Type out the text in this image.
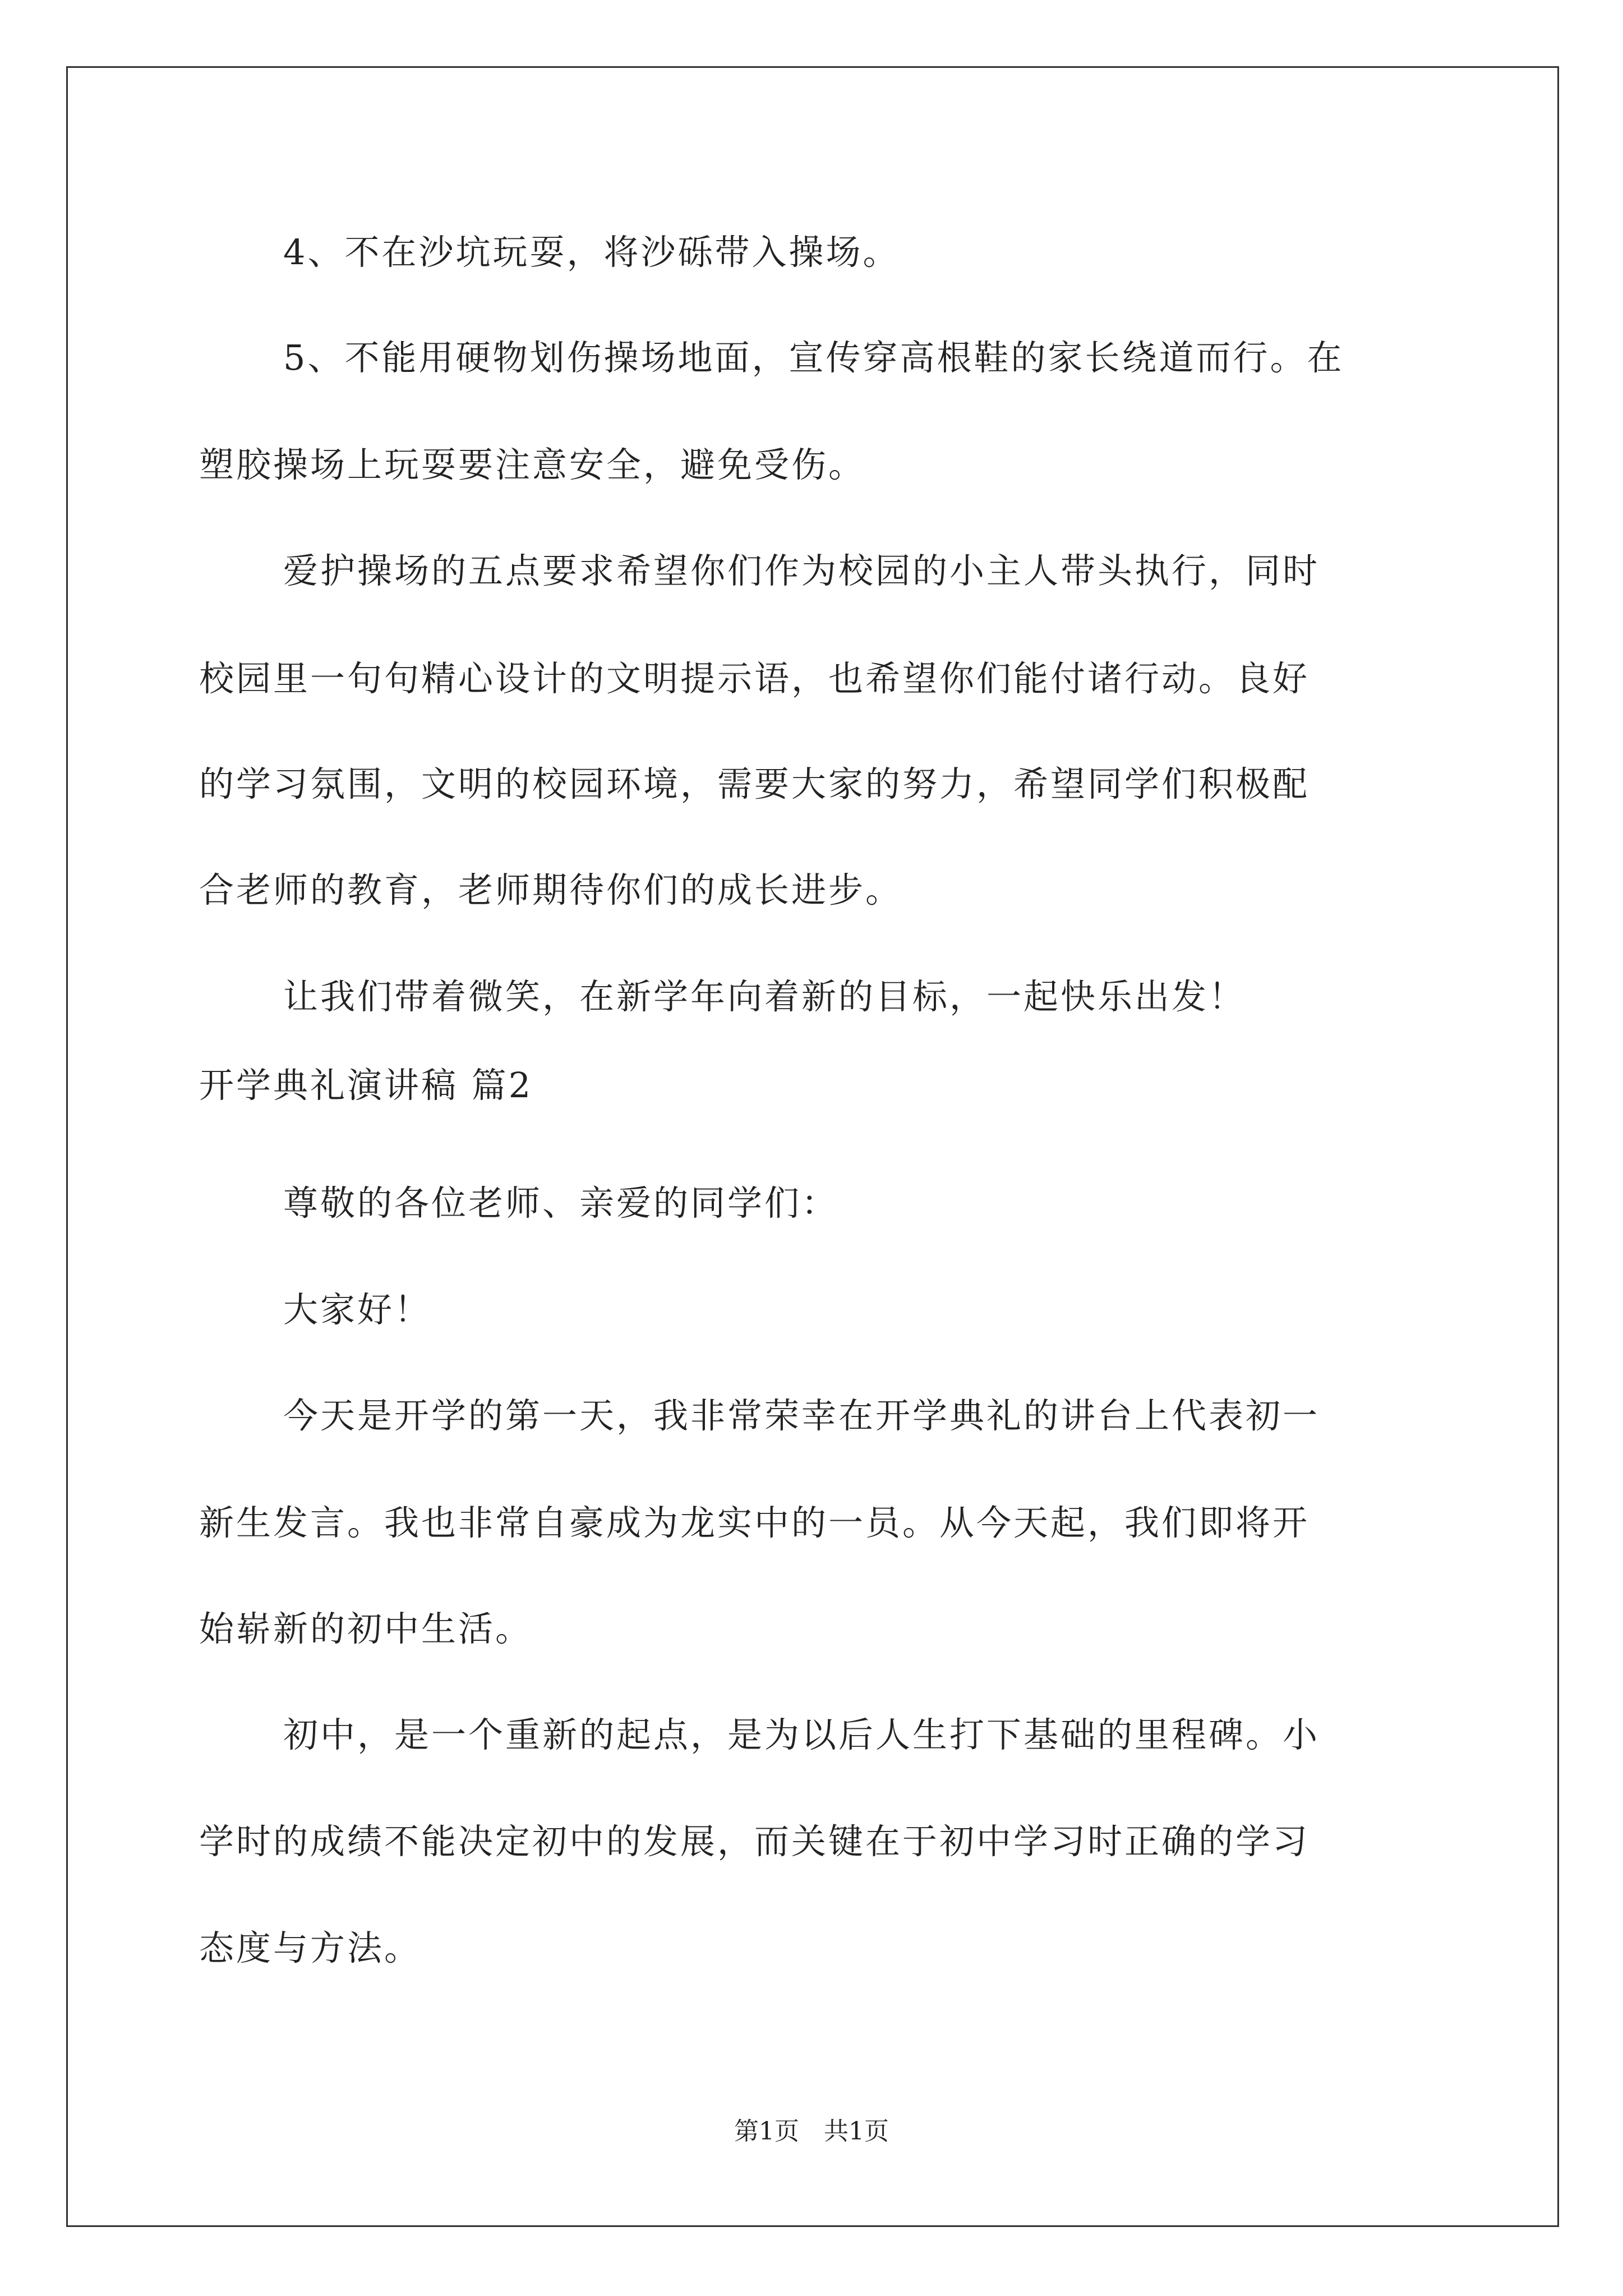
4、不在沙坑玩耍，将沙砾带入操场。
5、不能用硬物划伤操场地面，宣传穿高根鞋的家长绕道而行。在
塑胶操场上玩耍要注意安全，避免受伤。
爱护操场的五点要求希望你们作为校园的小主人带头执行，同时
校园里一句句精心设计的文明提示语，也希望你们能付诸行动。良好
的学习氛围，文明的校园环境，需要大家的努力，希望同学们积极配
合老师的教育，老师期待你们的成长进步。
让我们带着微笑，在新学年向着新的目标，一起快乐出发！
开学典礼演讲稿 篇2
尊敬的各位老师、亲爱的同学们：
大家好！
今天是开学的第一天，我非常荣幸在开学典礼的讲台上代表初一
新生发言。我也非常自豪成为龙实中的一员。从今天起，我们即将开
始崭新的初中生活。
初中，是一个重新的起点，是为以后人生打下基础的里程碑。小
学时的成绩不能决定初中的发展，而关键在于初中学习时正确的学习
态度与方法。
第1页　共1页
